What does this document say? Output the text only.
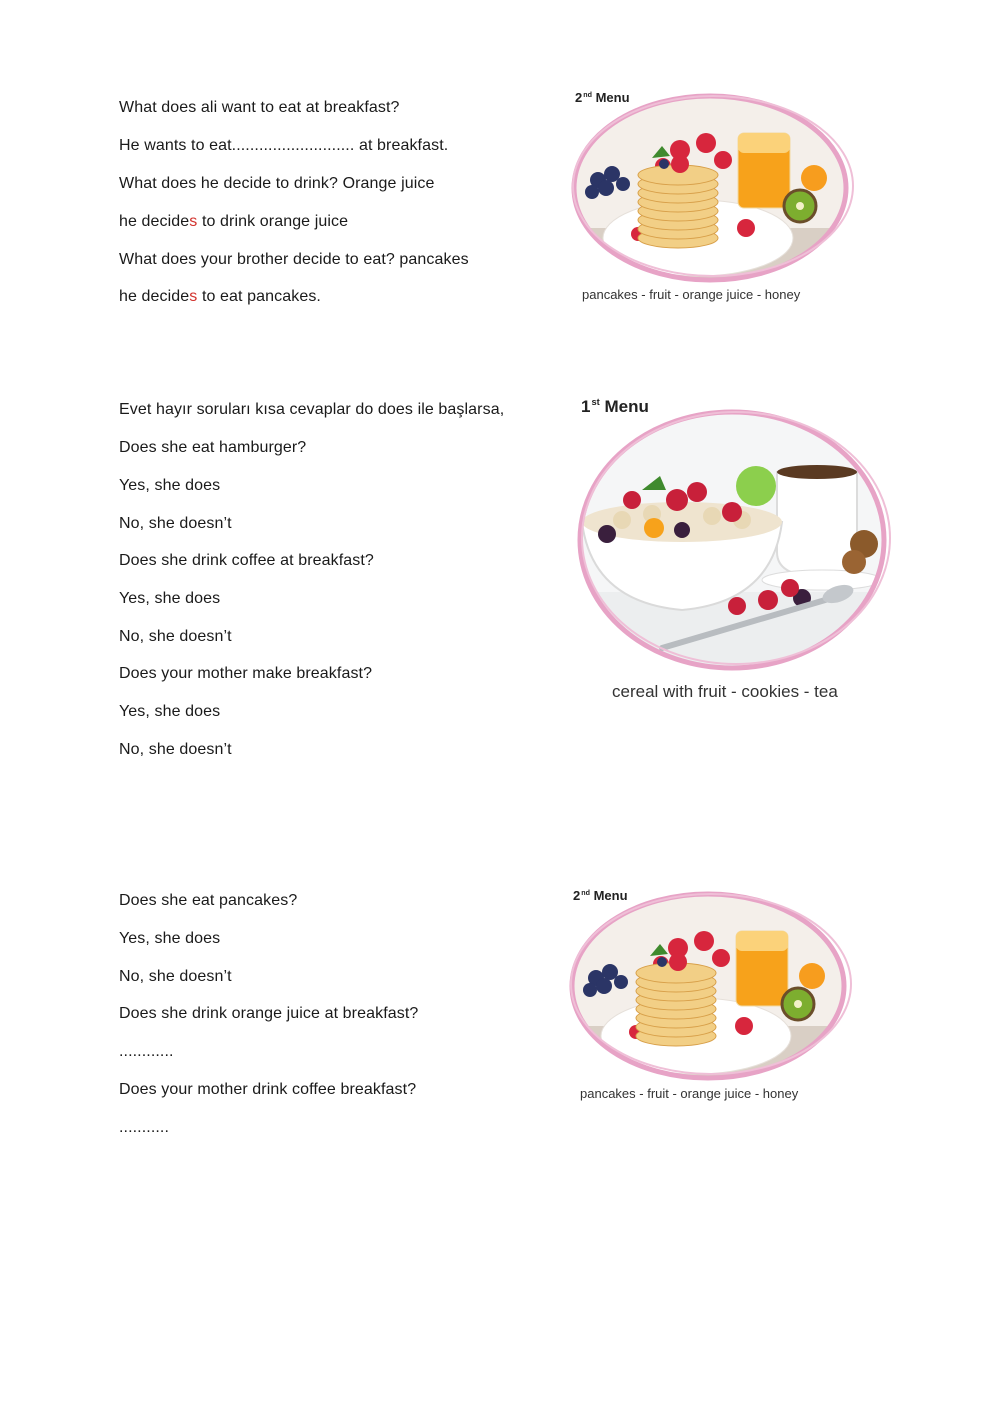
What does ali want to eat at breakfast?
He wants to eat........................... at breakfast.
What does he decide to drink? Orange juice
he decides to drink orange juice
What does your brother decide to eat? pancakes
he decides to eat pancakes.
2nd Menu
pancakes - fruit - orange juice - honey
Evet hayır soruları kısa cevaplar do does ile başlarsa,
Does she eat hamburger?
Yes, she does
No, she doesn’t
Does she drink coffee at breakfast?
Yes, she does
No, she doesn’t
Does your mother make breakfast?
Yes, she does
No, she doesn’t
1st Menu
cereal with fruit - cookies - tea
Does she eat pancakes?
Yes, she does
No, she doesn’t
Does she drink orange juice at breakfast?
............
Does your mother drink coffee breakfast?
...........
2nd Menu
pancakes - fruit - orange juice - honey
